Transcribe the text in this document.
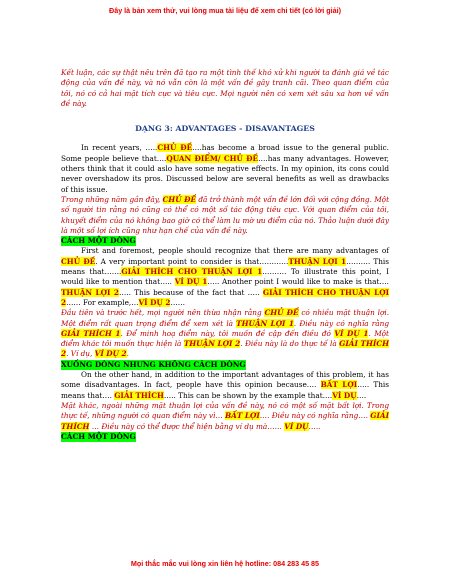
Đây là bản xem thử, vui lòng mua tài liệu để xem chi tiết (có lời giải)

Kết luận, các sự thật nêu trên đã tạo ra một tình thế khó xử khi người ta đánh giá về tác động của vấn đề này, và nó vẫn còn là một vấn đề gây tranh cãi. Theo quan điểm của tôi, nó có cả hai mặt tích cực và tiêu cực. Mọi người nên có xem xét sâu xa hơn về vấn đề này.

DẠNG 3: ADVANTAGES - DISAVANTAGES

In recent years, …..CHỦ ĐỀ….has become a broad issue to the general public. Some people believe that….QUAN ĐIỂM/ CHỦ ĐỀ….has many advantages. However, others think that it could aslo have some negative effects. In my opinion, its cons could never overshadow its pros. Discussed below are several benefits as well as drawbacks of this issue.

Trong những năm gần đây, CHỦ ĐỀ đã trở thành một vấn đề lớn đối với cộng đồng. Một số người tin rằng nó cũng có thể có một số tác động tiêu cực. Với quan điểm của tôi, khuyết điểm của nó không bao giờ có thể làm lu mờ ưu điểm của nó. Thảo luận dưới đây là một số lợi ích cũng như hạn chế của vấn đề này.

CÁCH MỘT DÒNG

First and foremost, people should recognize that there are many advantages of CHỦ ĐỀ. A very important point to consider is that…………THUẬN LỢI 1………. This means that…….GIẢI THÍCH CHO THUẬN LỢI 1………. To illustrate this point, I would like to mention that….. VÍ DỤ 1….. Another point I would like to make is that…. THUẬN LỢI 2….. This because of the fact that ….. GIẢI THÍCH CHO THUẬN LỢI 2…… For example,…VÍ DỤ 2……

Đầu tiên và trước hết, mọi người nên thừa nhận rằng CHỦ ĐỀ có nhiều mặt thuận lợi. Một điểm rất quan trọng điểm để xem xét là THUẬN LỢI 1. Điều này có nghĩa rằng GIẢI THÍCH 1. Để minh hoạ điểm này, tôi muốn đề cập đến điều đó VÍ DỤ 1. Một điểm khác tôi muốn thực hiện là THUẬN LỢI 2. Điều này là do thực tế là GIẢI THÍCH 2. Ví dụ, VÍ DỤ 2.

XUỐNG DÒNG NHƯNG KHÔNG CÁCH DÒNG

On the other hand, in addition to the important advantages of this problem, it has some disadvantages. In fact, people have this opinion because…. BẤT LỢI….. This means that…. GIẢI THÍCH….. This can be shown by the example that….VÍ DỤ….

Mặt khác, ngoài những mặt thuận lợi của vấn đề này, nó có một số mặt bất lợi. Trong thực tế, những người có quan điểm này vì… BẤT LỢI…. Điều này có nghĩa rằng…. GIẢI THÍCH … Điều này có thể được thể hiện bằng ví dụ mà…… VÍ DỤ…..

CÁCH MỘT DÒNG
Mọi thắc mắc vui lòng xin liên hệ hotline: 084 283 45 85
